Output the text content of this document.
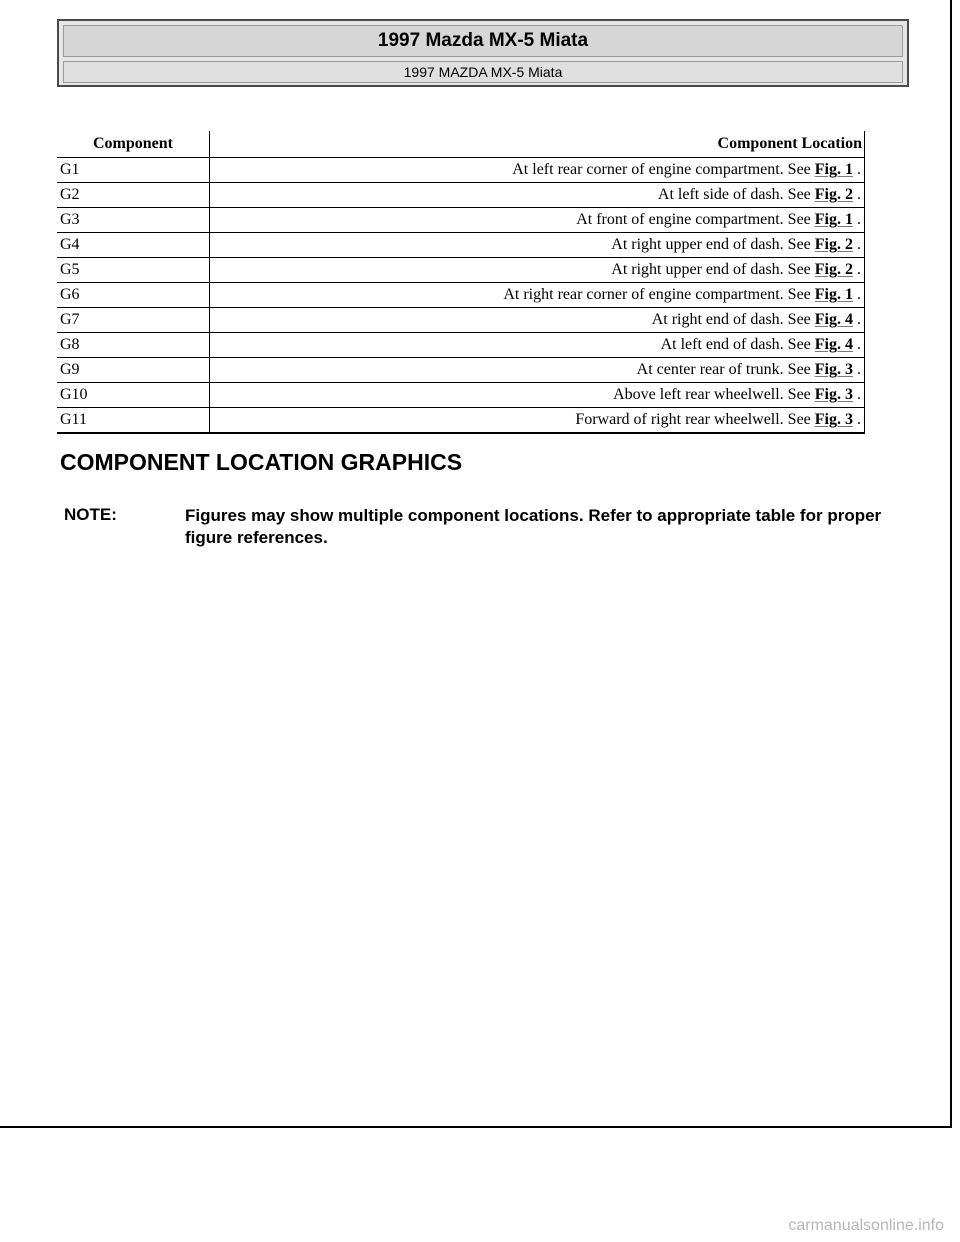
1997 Mazda MX-5 Miata
1997 MAZDA MX-5 Miata
Component	Component Location
G1	At left rear corner of engine compartment. See Fig. 1 .
G2	At left side of dash. See Fig. 2 .
G3	At front of engine compartment. See Fig. 1 .
G4	At right upper end of dash. See Fig. 2 .
G5	At right upper end of dash. See Fig. 2 .
G6	At right rear corner of engine compartment. See Fig. 1 .
G7	At right end of dash. See Fig. 4 .
G8	At left end of dash. See Fig. 4 .
G9	At center rear of trunk. See Fig. 3 .
G10	Above left rear wheelwell. See Fig. 3 .
G11	Forward of right rear wheelwell. See Fig. 3 .
COMPONENT LOCATION GRAPHICS
NOTE:	Figures may show multiple component locations. Refer to appropriate table for proper figure references.
carmanualsonline.info
